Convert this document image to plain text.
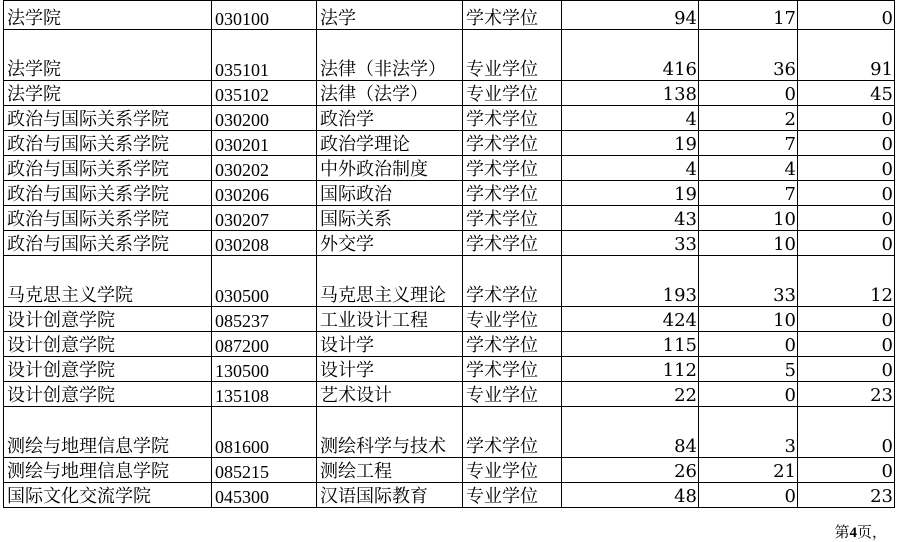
法学院	030100	法学	学术学位	94	17	0
法学院	035101	法律（非法学）	专业学位	416	36	91
法学院	035102	法律（法学）	专业学位	138	0	45
政治与国际关系学院	030200	政治学	学术学位	4	2	0
政治与国际关系学院	030201	政治学理论	学术学位	19	7	0
政治与国际关系学院	030202	中外政治制度	学术学位	4	4	0
政治与国际关系学院	030206	国际政治	学术学位	19	7	0
政治与国际关系学院	030207	国际关系	学术学位	43	10	0
政治与国际关系学院	030208	外交学	学术学位	33	10	0
马克思主义学院	030500	马克思主义理论	学术学位	193	33	12
设计创意学院	085237	工业设计工程	专业学位	424	10	0
设计创意学院	087200	设计学	学术学位	115	0	0
设计创意学院	130500	设计学	学术学位	112	5	0
设计创意学院	135108	艺术设计	专业学位	22	0	23
测绘与地理信息学院	081600	测绘科学与技术	学术学位	84	3	0
测绘与地理信息学院	085215	测绘工程	专业学位	26	21	0
国际文化交流学院	045300	汉语国际教育	专业学位	48	0	23
第4页，
